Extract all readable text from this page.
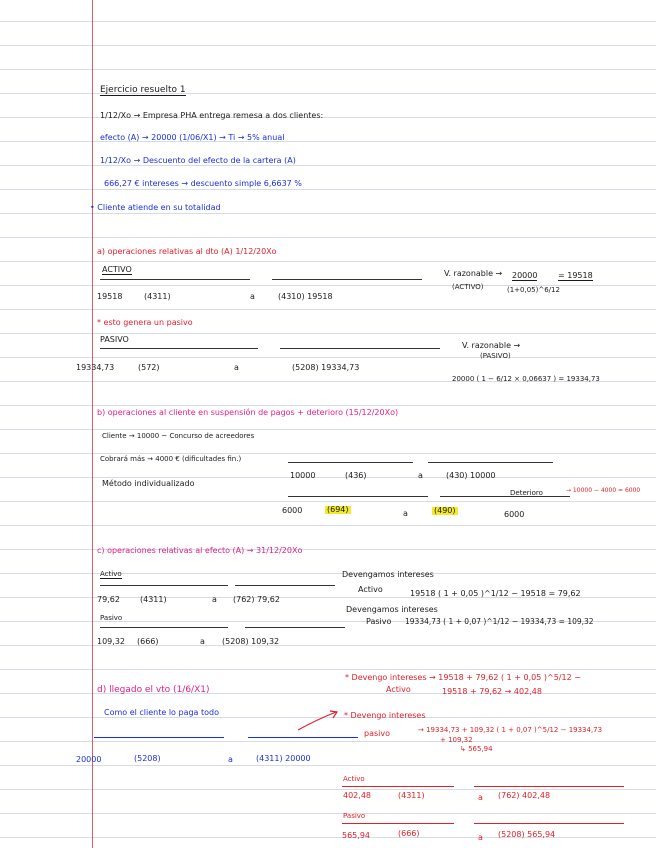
Ejercicio resuelto 1
1/12/Xo → Empresa PHA entrega remesa a dos clientes:
efecto (A) → 20000 (1/06/X1) → Ti → 5% anual
1/12/Xo → Descuento del efecto de la cartera (A)
666,27 € intereses → descuento simple 6,6637 %
• Cliente atiende en su totalidad
a) operaciones relativas al dto (A) 1/12/20Xo
ACTIVO	V. razonable →
(ACTIVO)
20000
(1+0,05)^6/12
= 19518
19518	(4311)	a	(4310) 19518
* esto genera un pasivo
PASIVO
V. razonable →
(PASIVO)
19334,73	(572)	a	(5208) 19334,73
20000 ( 1 − 6/12 × 0,06637 ) = 19334,73
b) operaciones al cliente en suspensión de pagos + deterioro (15/12/20Xo)
Cliente → 10000 ~ Concurso de acreedores
Cobrará más → 4000 € (dificultades fin.)
Método individualizado
10000	(436)	a	(430) 10000
Deterioro	→ 10000 − 4000 = 6000
6000	(694)	a	(490)	6000
c) operaciones relativas al efecto (A) → 31/12/20Xo
Activo	Devengamos intereses
Activo	19518 ( 1 + 0,05 )^1/12 − 19518 = 79,62
79,62	(4311)	a (762) 79,62
Devengamos intereses
Pasivo	Pasivo 19334,73 ( 1 + 0,07 )^1/12 − 19334,73 = 109,32
109,32 (666)	a (5208) 109,32
d) llegado el vto (1/6/X1)
Como el cliente lo paga todo
20000	(5208)	a	(4311) 20000
* Devengo intereses → 19518 + 79,62 ( 1 + 0,05 )^5/12 −
Activo	19518 + 79,62 → 402,48
* Devengo intereses
pasivo	→ 19334,73 + 109,32 ( 1 + 0,07 )^5/12 − 19334,73
+ 109,32
↳ 565,94
Activo
402,48	(4311)	a (762) 402,48
Pasivo
565,94	(666)	a (5208) 565,94
